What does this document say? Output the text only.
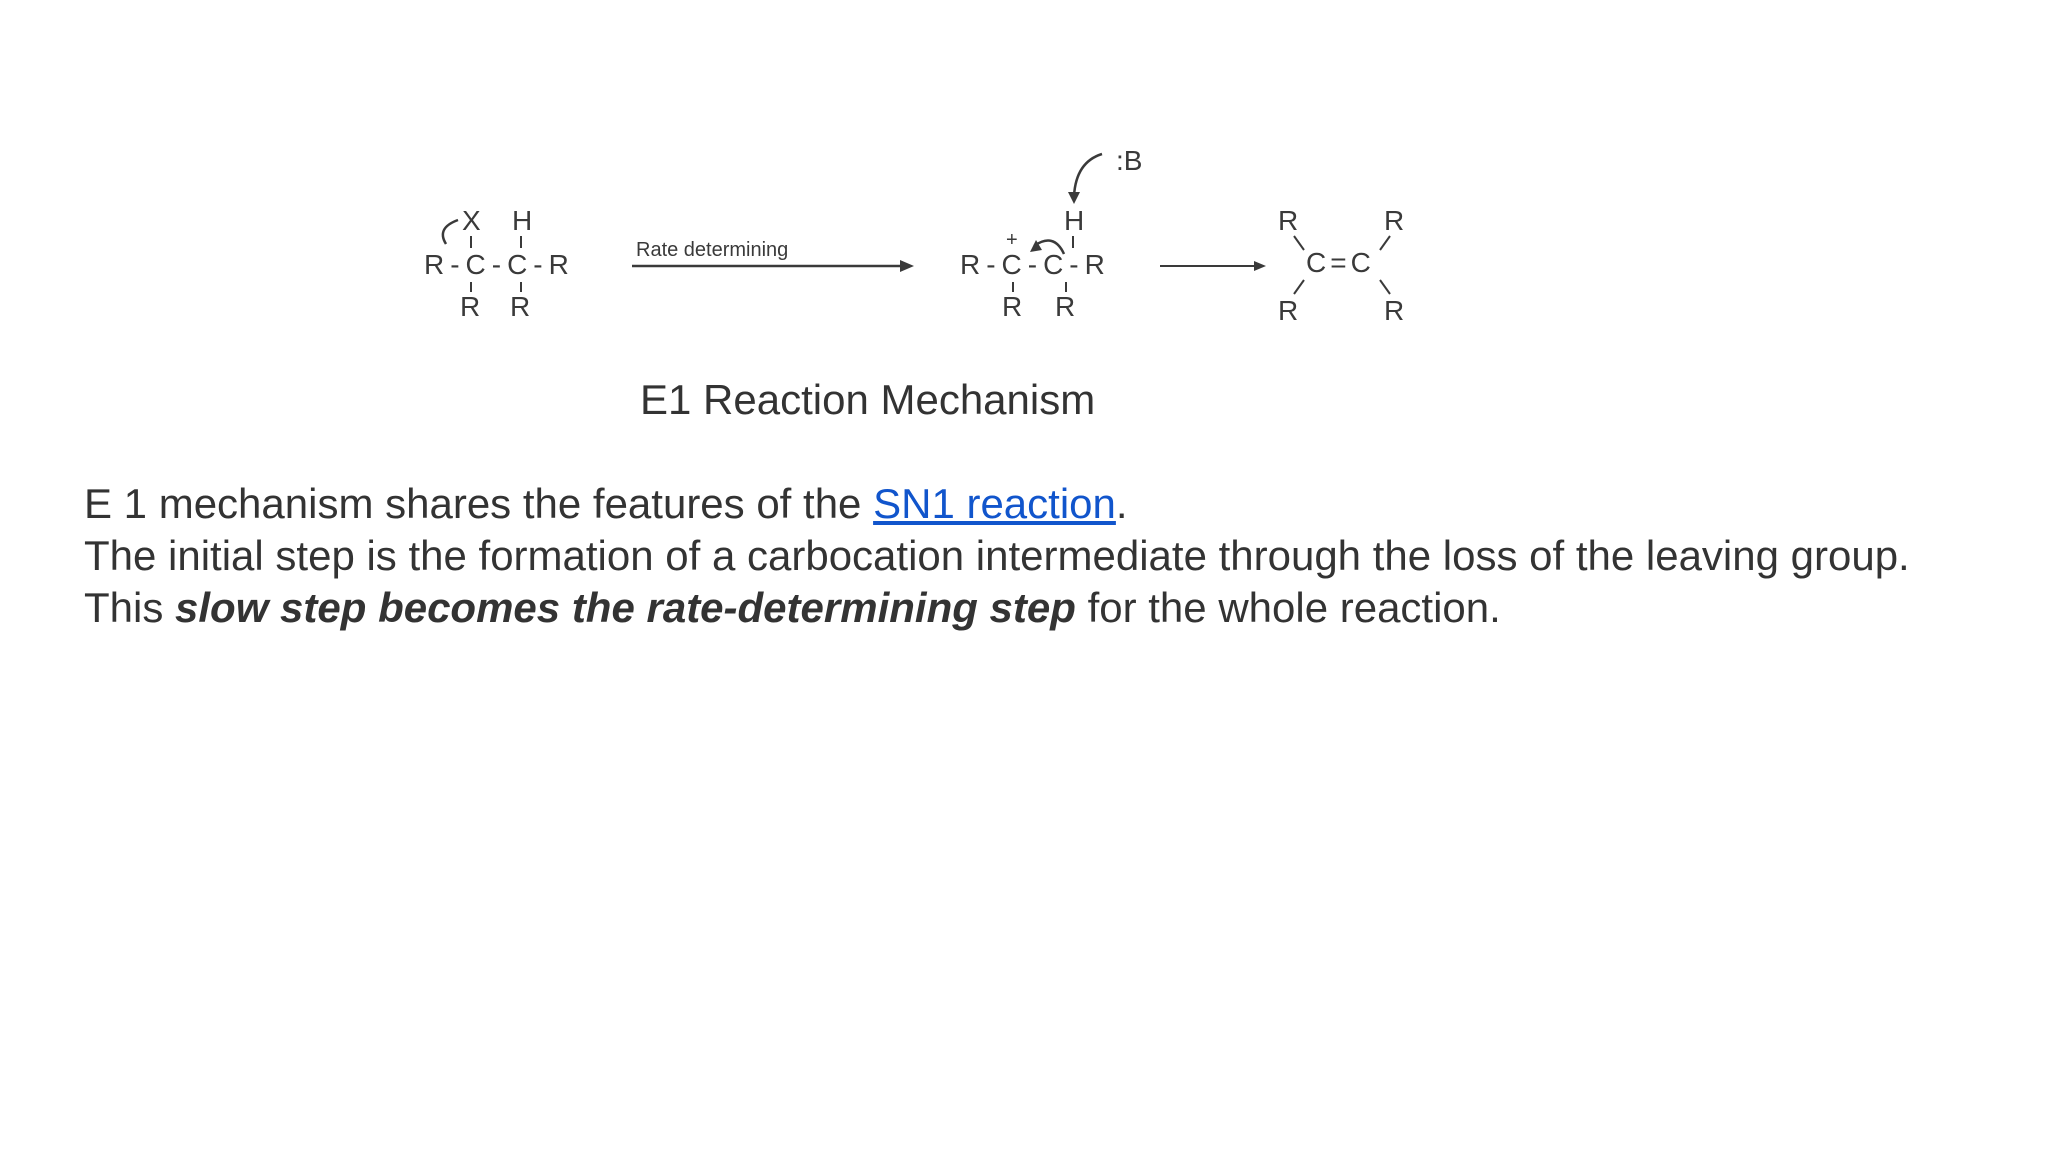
X H
R-C-C-R
R R
Rate determining
:B
H
+
R-C-C-R
R R
R	R
C=C
R	R
E1 Reaction Mechanism

E 1 mechanism shares the features of the SN1 reaction.

The initial step is the formation of a carbocation intermediate through the loss of the leaving group.

This slow step becomes the rate-determining step for the whole reaction.
